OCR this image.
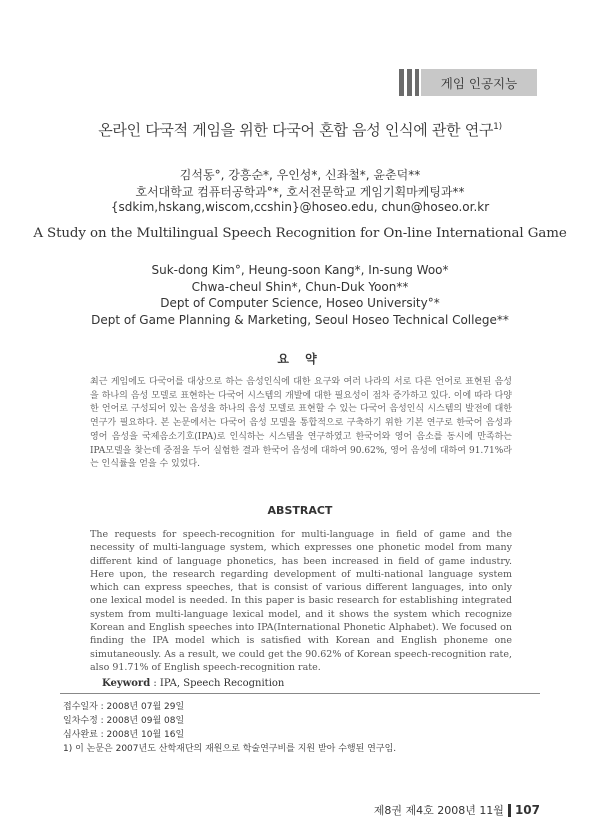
게임 인공지능
온라인 다국적 게임을 위한 다국어 혼합 음성 인식에 관한 연구$^{1)}$
김석동°, 강흥순*, 우인성*, 신좌철*, 윤춘덕**
호서대학교 컴퓨터공학과°*, 호서전문학교 게임기획마케팅과**
{sdkim,hskang,wiscom,ccshin}@hoseo.edu, chun@hoseo.or.kr
A Study on the Multilingual Speech Recognition for On-line International Game
Suk-dong Kim°, Heung-soon Kang*, In-sung Woo*
Chwa-cheul Shin*, Chun-Duk Yoon**
Dept of Computer Science, Hoseo University°*
Dept of Game Planning & Marketing, Seoul Hoseo Technical College**
요 약
최근 게임에도 다국어를 대상으로 하는 음성인식에 대한 요구와 여러 나라의 서로 다른 언어로 표현된 음성을 하나의 음성 모델로 표현하는 다국어 시스템의 개발에 대한 필요성이 점차 증가하고 있다. 이에 따라 다양한 언어로 구성되어 있는 음성을 하나의 음성 모델로 표현할 수 있는 다국어 음성인식 시스템의 발전에 대한 연구가 필요하다. 본 논문에서는 다국어 음성 모델을 통합적으로 구축하기 위한 기본 연구로 한국어 음성과 영어 음성을 국제음소기호(IPA)로 인식하는 시스템을 연구하였고 한국어와 영어 음소를 동시에 만족하는 IPA모델을 찾는데 중점을 두어 실험한 결과 한국어 음성에 대하여 90.62%, 영어 음성에 대하여 91.71%라는 인식률을 얻을 수 있었다.
ABSTRACT
The requests for speech-recognition for multi-language in field of game and the necessity of multi-language system, which expresses one phonetic model from many different kind of language phonetics, has been increased in field of game industry. Here upon, the research regarding development of multi-national language system which can express speeches, that is consist of various different languages, into only one lexical model is needed. In this paper is basic research for establishing integrated system from multi-language lexical model, and it shows the system which recognize Korean and English speeches into IPA(International Phonetic Alphabet). We focused on finding the IPA model which is satisfied with Korean and English phoneme one simutaneously. As a result, we could get the 90.62% of Korean speech-recognition rate, also 91.71% of English speech-recognition rate.
Keyword : IPA, Speech Recognition
접수일자 : 2008년 07월 29일
일차수정 : 2008년 09월 08일
심사완료 : 2008년 10월 16일
1) 이 논문은 2007년도 산학재단의 재원으로 학술연구비를 지원 받아 수행된 연구임.
제8권 제4호 2008년 11월 107
